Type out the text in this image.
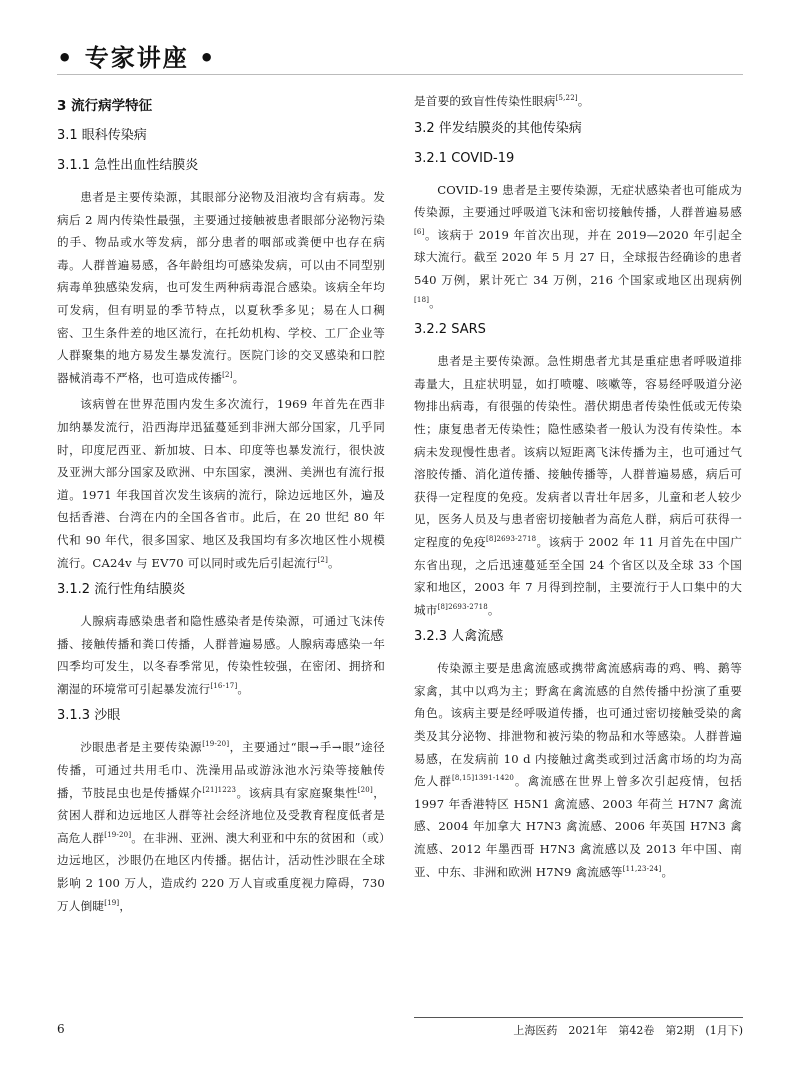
• 专家讲座 •
3 流行病学特征
3.1 眼科传染病
3.1.1 急性出血性结膜炎

患者是主要传染源，其眼部分泌物及泪液均含有病毒。发病后 2 周内传染性最强，主要通过接触被患者眼部分泌物污染的手、物品或水等发病，部分患者的咽部或粪便中也存在病毒。人群普遍易感，各年龄组均可感染发病，可以由不同型别病毒单独感染发病，也可发生两种病毒混合感染。该病全年均可发病，但有明显的季节特点，以夏秋季多见；易在人口稠密、卫生条件差的地区流行，在托幼机构、学校、工厂企业等人群聚集的地方易发生暴发流行。医院门诊的交叉感染和口腔器械消毒不严格，也可造成传播[2]。

该病曾在世界范围内发生多次流行，1969 年首先在西非加纳暴发流行，沿西海岸迅猛蔓延到非洲大部分国家，几乎同时，印度尼西亚、新加坡、日本、印度等也暴发流行，很快波及亚洲大部分国家及欧洲、中东国家，澳洲、美洲也有流行报道。1971 年我国首次发生该病的流行，除边远地区外，遍及包括香港、台湾在内的全国各省市。此后，在 20 世纪 80 年代和 90 年代，很多国家、地区及我国均有多次地区性小规模流行。CA24v 与 EV70 可以同时或先后引起流行[2]。

3.1.2 流行性角结膜炎

人腺病毒感染患者和隐性感染者是传染源，可通过飞沫传播、接触传播和粪口传播，人群普遍易感。人腺病毒感染一年四季均可发生，以冬春季常见，传染性较强，在密闭、拥挤和潮湿的环境常可引起暴发流行[16-17]。

3.1.3 沙眼

沙眼患者是主要传染源[19-20]，主要通过“眼→手→眼”途径传播，可通过共用毛巾、洗澡用品或游泳池水污染等接触传播，节肢昆虫也是传播媒介$^{[21]1223}$。该病具有家庭聚集性[20]，贫困人群和边远地区人群等社会经济地位及受教育程度低者是高危人群[19-20]。在非洲、亚洲、澳大利亚和中东的贫困和（或）边远地区，沙眼仍在地区内传播。据估计，活动性沙眼在全球影响 2 100 万人，造成约 220 万人盲或重度视力障碍，730 万人倒睫[19]，

是首要的致盲性传染性眼病[5,22]。

3.2 伴发结膜炎的其他传染病
3.2.1 COVID-19

COVID-19 患者是主要传染源，无症状感染者也可能成为传染源，主要通过呼吸道飞沫和密切接触传播，人群普遍易感[6]。该病于 2019 年首次出现，并在 2019—2020 年引起全球大流行。截至 2020 年 5 月 27 日，全球报告经确诊的患者 540 万例，累计死亡 34 万例，216 个国家或地区出现病例[18]。

3.2.2 SARS

患者是主要传染源。急性期患者尤其是重症患者呼吸道排毒量大，且症状明显，如打喷嚏、咳嗽等，容易经呼吸道分泌物排出病毒，有很强的传染性。潜伏期患者传染性低或无传染性；康复患者无传染性；隐性感染者一般认为没有传染性。本病未发现慢性患者。该病以短距离飞沫传播为主，也可通过气溶胶传播、消化道传播、接触传播等，人群普遍易感，病后可获得一定程度的免疫。发病者以青壮年居多，儿童和老人较少见，医务人员及与患者密切接触者为高危人群，病后可获得一定程度的免疫$^{[8]2693-2718}$。该病于 2002 年 11 月首先在中国广东省出现，之后迅速蔓延至全国 24 个省区以及全球 33 个国家和地区，2003 年 7 月得到控制，主要流行于人口集中的大城市$^{[8]2693-2718}$。

3.2.3 人禽流感

传染源主要是患禽流感或携带禽流感病毒的鸡、鸭、鹅等家禽，其中以鸡为主；野禽在禽流感的自然传播中扮演了重要角色。该病主要是经呼吸道传播，也可通过密切接触受染的禽类及其分泌物、排泄物和被污染的物品和水等感染。人群普遍易感，在发病前 10 d 内接触过禽类或到过活禽市场的均为高危人群$^{[8,15]1391-1420}$。禽流感在世界上曾多次引起疫情，包括 1997 年香港特区 H5N1 禽流感、2003 年荷兰 H7N7 禽流感、2004 年加拿大 H7N3 禽流感、2006 年英国 H7N3 禽流感、2012 年墨西哥 H7N3 禽流感以及 2013 年中国、南亚、中东、非洲和欧洲 H7N9 禽流感等[11,23-24]。

6	上海医药　2021年　第42卷　第2期　(1月下)
